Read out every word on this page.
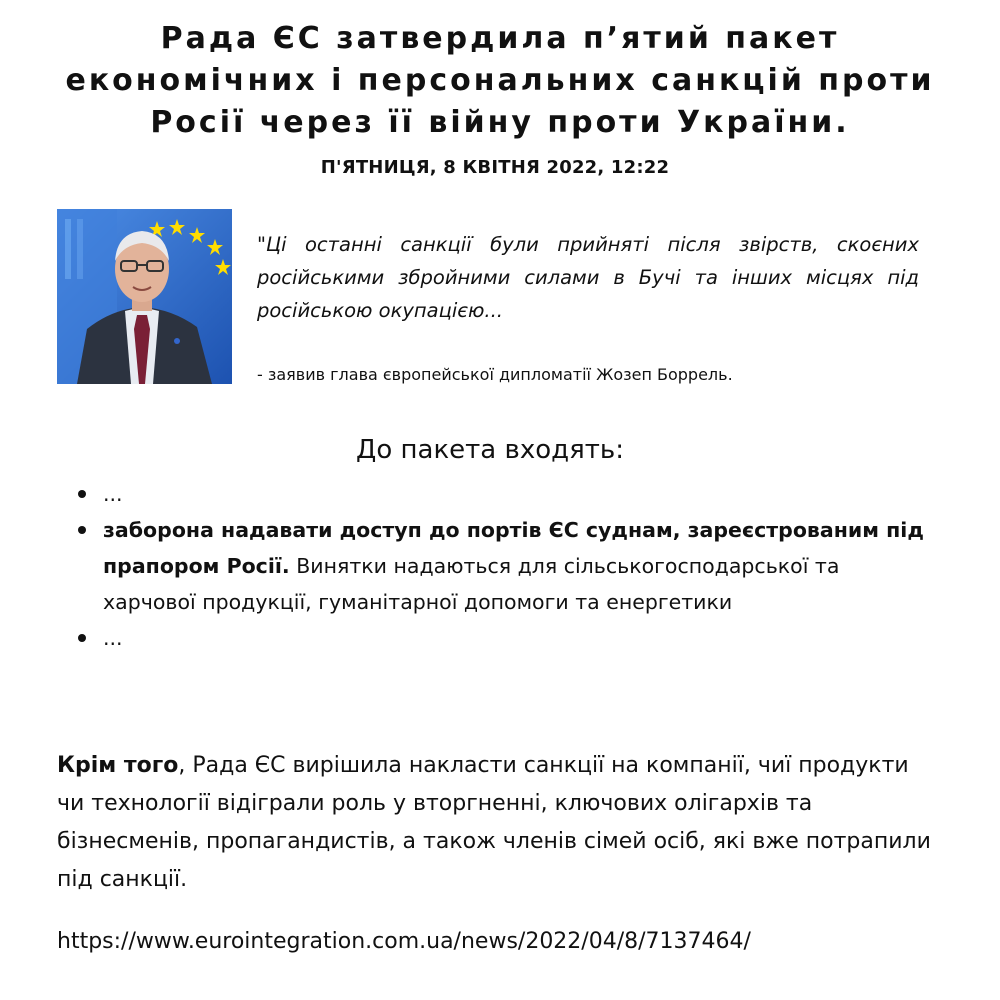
Рада ЄС затвердила п’ятий пакет економічних і персональних санкцій проти Росії через її війну проти України.
П'ЯТНИЦЯ, 8 КВІТНЯ 2022, 12:22

"Ці останні санкції були прийняті після звірств, скоєних російськими збройними силами в Бучі та інших місцях під російською окупацією...

- заявив глава європейської дипломатії Жозеп Боррель.
До пакета входять:
...
заборона надавати доступ до портів ЄС суднам, зареєстрованим під прапором Росії. Винятки надаються для сільськогосподарської та харчової продукції, гуманітарної допомоги та енергетики
...

Крім того, Рада ЄС вирішила накласти санкції на компанії, чиї продукти чи технології відіграли роль у вторгненні, ключових олігархів та бізнесменів, пропагандистів, а також членів сімей осіб, які вже потрапили під санкції.

https://www.eurointegration.com.ua/news/2022/04/8/7137464/
